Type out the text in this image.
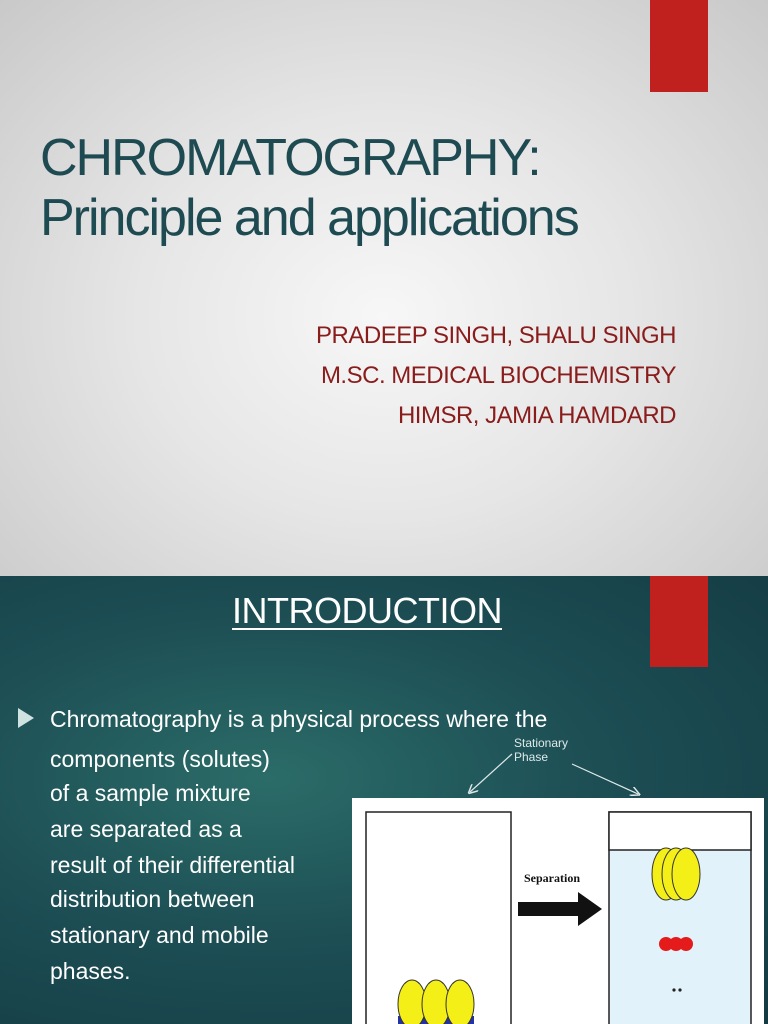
CHROMATOGRAPHY:
Principle and applications
PRADEEP SINGH, SHALU SINGH
M.SC. MEDICAL BIOCHEMISTRY
HIMSR, JAMIA HAMDARD
INTRODUCTION
Chromatography is a physical process where the
components (solutes)
of a sample mixture
are separated as a
result of their differential
distribution between
stationary and mobile
phases.
Stationary
Phase
Separation
